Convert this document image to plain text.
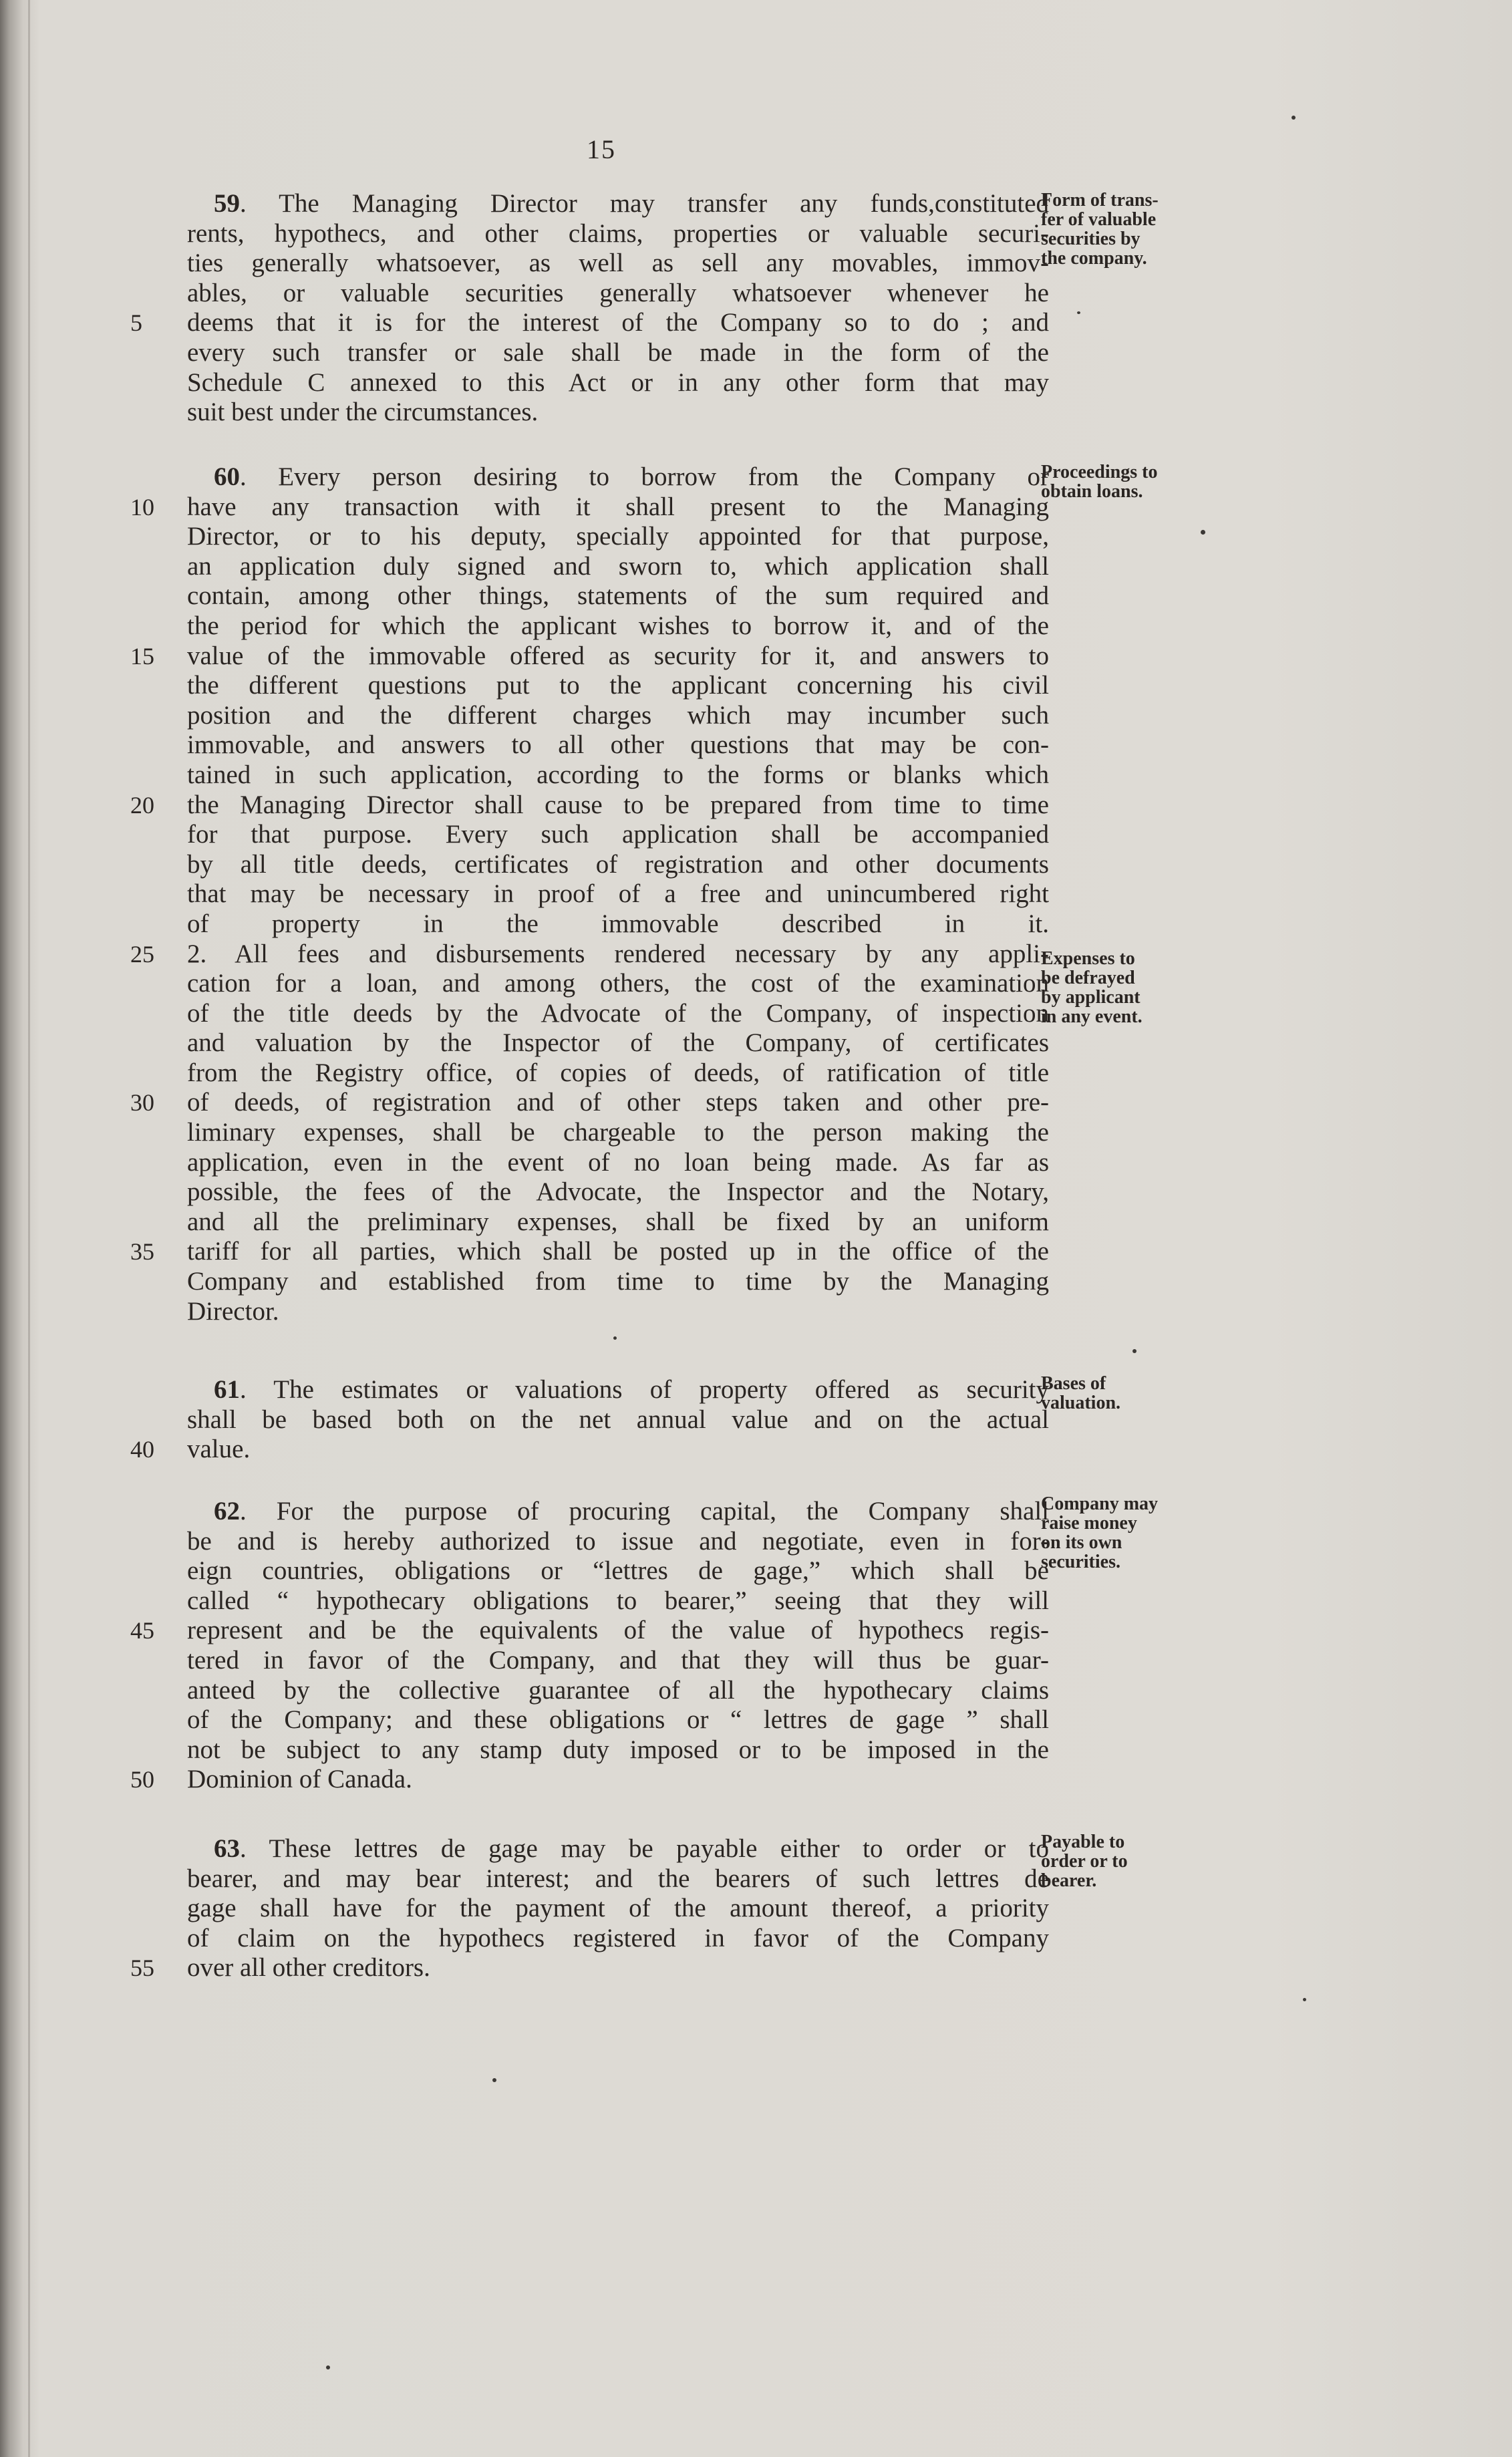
15
59. The Managing Director may transfer any funds,constituted
rents, hypothecs, and other claims, properties or valuable securi-
ties generally whatsoever, as well as sell any movables, immov-
ables, or valuable securities generally whatsoever whenever he
deems that it is for the interest of the Company so to do ; and
5
every such transfer or sale shall be made in the form of the
Schedule C annexed to this Act or in any other form that may
suit best under the circumstances.
Form of trans-
fer of valuable
securities by
the company.
60. Every person desiring to borrow from the Company or
have any transaction with it shall present to the Managing
10
Director, or to his deputy, specially appointed for that purpose,
an application duly signed and sworn to, which application shall
contain, among other things, statements of the sum required and
the period for which the applicant wishes to borrow it, and of the
value of the immovable offered as security for it, and answers to
15
the different questions put to the applicant concerning his civil
position and the different charges which may incumber such
immovable, and answers to all other questions that may be con-
tained in such application, according to the forms or blanks which
the Managing Director shall cause to be prepared from time to time
20
for that purpose. Every such application shall be accompanied
by all title deeds, certificates of registration and other documents
that may be necessary in proof of a free and unincumbered right
of property in the immovable described in it.
2. All fees and disbursements rendered necessary by any appli-
25
cation for a loan, and among others, the cost of the examination
of the title deeds by the Advocate of the Company, of inspection
and valuation by the Inspector of the Company, of certificates
from the Registry office, of copies of deeds, of ratification of title
of deeds, of registration and of other steps taken and other pre-
30
liminary expenses, shall be chargeable to the person making the
application, even in the event of no loan being made. As far as
possible, the fees of the Advocate, the Inspector and the Notary,
and all the preliminary expenses, shall be fixed by an uniform
tariff for all parties, which shall be posted up in the office of the
35
Company and established from time to time by the Managing
Director.
Proceedings to
obtain loans.
Expenses to
be defrayed
by applicant
in any event.
61. The estimates or valuations of property offered as security
shall be based both on the net annual value and on the actual
value.
40
Bases of
valuation.
62. For the purpose of procuring capital, the Company shall
be and is hereby authorized to issue and negotiate, even in for-
eign countries, obligations or “lettres de gage,” which shall be
called “ hypothecary obligations to bearer,” seeing that they will
represent and be the equivalents of the value of hypothecs regis-
45
tered in favor of the Company, and that they will thus be guar-
anteed by the collective guarantee of all the hypothecary claims
of the Company; and these obligations or “ lettres de gage ” shall
not be subject to any stamp duty imposed or to be imposed in the
Dominion of Canada.
50
Company may
raise money
on its own
securities.
63. These lettres de gage may be payable either to order or to
bearer, and may bear interest; and the bearers of such lettres de
gage shall have for the payment of the amount thereof, a priority
of claim on the hypothecs registered in favor of the Company
over all other creditors.
55
Payable to
order or to
bearer.
